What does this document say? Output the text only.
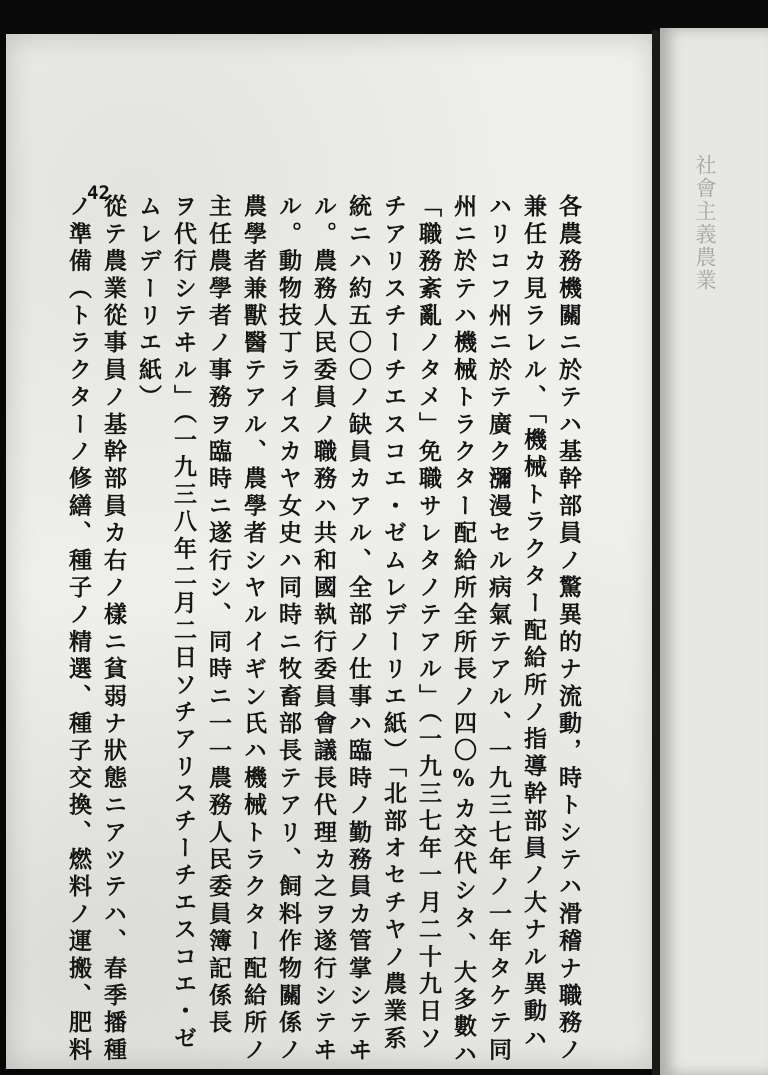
42
各農務機關ニ於テハ基幹部員ノ驚異的ナ流動，時トシテハ滑稽ナ職務ノ
兼任カ見ラレル、「機械トラクター配給所ノ指導幹部員ノ大ナル異動ハ
ハリコフ州ニ於テ廣ク瀰漫セル病氣テアル、一九三七年ノ一年タケテ同
州ニ於テハ機械トラクター配給所全所長ノ四〇%カ交代シタ、大多數ハ
「職務紊亂ノタメ」免職サレタノテアル」（一九三七年一月二十九日ソ
チアリスチーチエスコエ・ゼムレデーリエ紙）「北部オセチヤノ農業系
統ニハ約五〇〇ノ缺員カアル、全部ノ仕事ハ臨時ノ勤務員カ管掌シテヰ
ル。農務人民委員ノ職務ハ共和國執行委員會議長代理カ之ヲ遂行シテヰ
ル。動物技丁ライスカヤ女史ハ同時ニ牧畜部長テアリ、飼料作物關係ノ
農學者兼獸醫テアル、農學者シヤルイギン氏ハ機械トラクター配給所ノ
主任農學者ノ事務ヲ臨時ニ遂行シ、同時ニ一一農務人民委員簿記係長
ヲ代行シテヰル」（一九三八年二月二日ソチアリスチーチエスコエ・ゼ
ムレデーリエ紙）
從テ農業從事員ノ基幹部員カ右ノ樣ニ貧弱ナ狀態ニアツテハ、春季播種
ノ準備（トラクターノ修繕、種子ノ精選、種子交換、燃料ノ運搬、肥料	社會主義農業
